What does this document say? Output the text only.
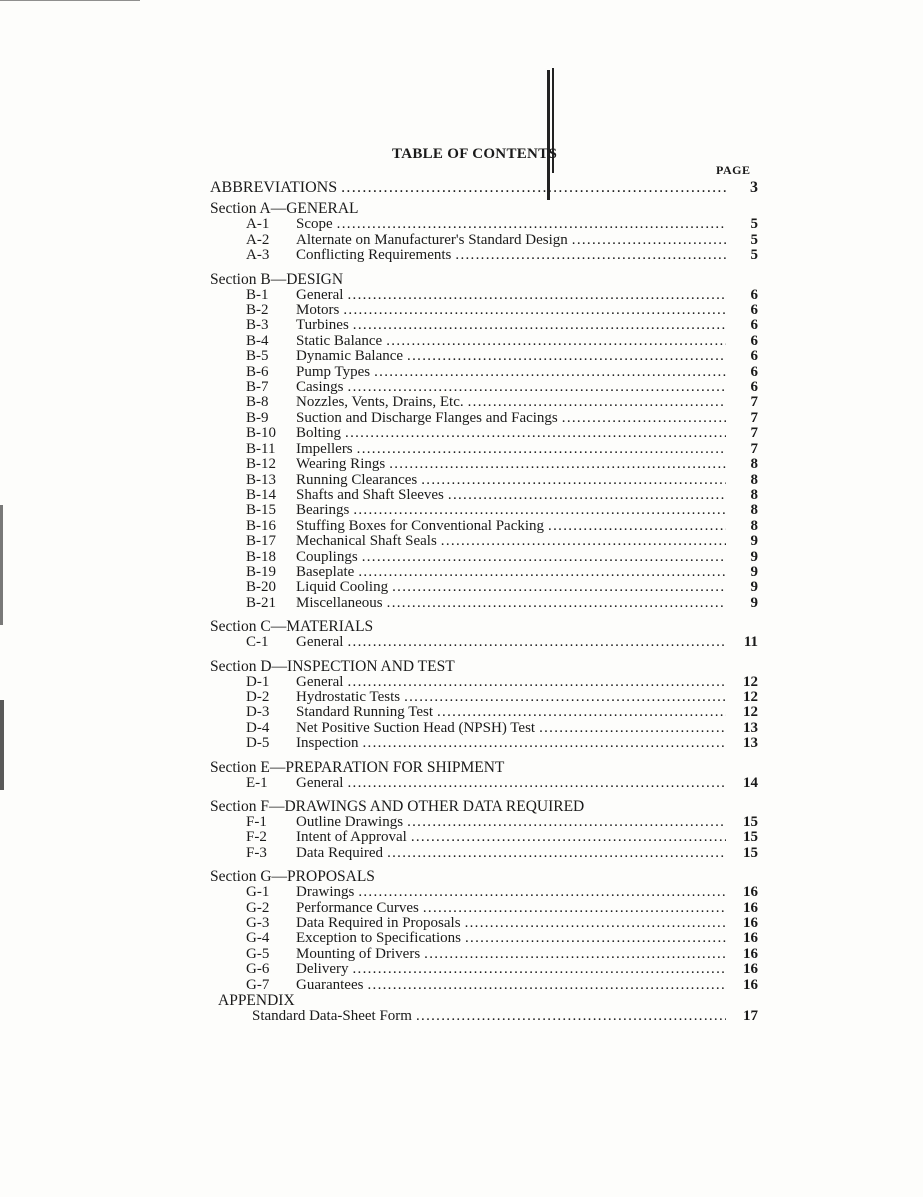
TABLE OF CONTENTS
PAGE
ABBREVIATIONS .....	3
Section A—GENERAL
A-1	Scope .....	5
A-2	Alternate on Manufacturer's Standard Design .....	5
A-3	Conflicting Requirements .....	5
Section B—DESIGN
B-1	General .....	6
B-2	Motors .....	6
B-3	Turbines .....	6
B-4	Static Balance .....	6
B-5	Dynamic Balance .....	6
B-6	Pump Types .....	6
B-7	Casings .....	6
B-8	Nozzles, Vents, Drains, Etc. .....	7
B-9	Suction and Discharge Flanges and Facings .....	7
B-10	Bolting .....	7
B-11	Impellers .....	7
B-12	Wearing Rings .....	8
B-13	Running Clearances .....	8
B-14	Shafts and Shaft Sleeves .....	8
B-15	Bearings .....	8
B-16	Stuffing Boxes for Conventional Packing .....	8
B-17	Mechanical Shaft Seals .....	9
B-18	Couplings .....	9
B-19	Baseplate .....	9
B-20	Liquid Cooling .....	9
B-21	Miscellaneous .....	9
Section C—MATERIALS
C-1	General .....	11
Section D—INSPECTION AND TEST
D-1	General .....	12
D-2	Hydrostatic Tests .....	12
D-3	Standard Running Test .....	12
D-4	Net Positive Suction Head (NPSH) Test .....	13
D-5	Inspection .....	13
Section E—PREPARATION FOR SHIPMENT
E-1	General .....	14
Section F—DRAWINGS AND OTHER DATA REQUIRED
F-1	Outline Drawings .....	15
F-2	Intent of Approval .....	15
F-3	Data Required .....	15
Section G—PROPOSALS
G-1	Drawings .....	16
G-2	Performance Curves .....	16
G-3	Data Required in Proposals .....	16
G-4	Exception to Specifications .....	16
G-5	Mounting of Drivers .....	16
G-6	Delivery .....	16
G-7	Guarantees .....	16
APPENDIX
Standard Data-Sheet Form .....	17
